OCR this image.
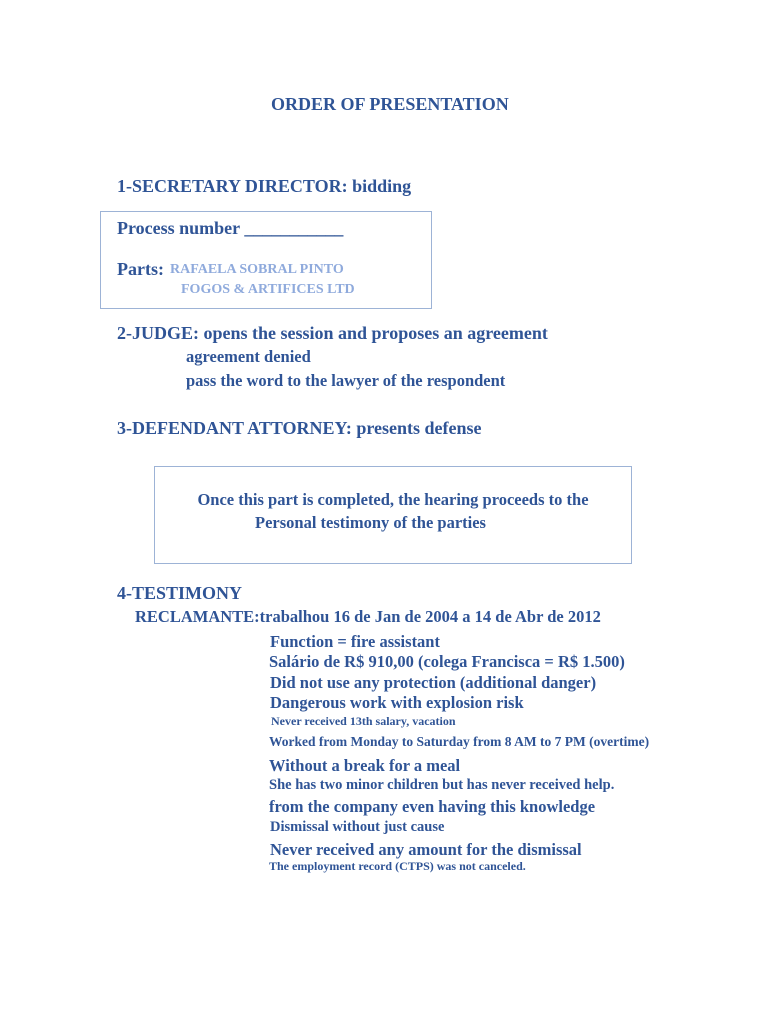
ORDER OF PRESENTATION
1-SECRETARY DIRECTOR: bidding
Process number ___________
Parts: RAFAELA SOBRAL PINTO
FOGOS & ARTIFICES LTD
2-JUDGE: opens the session and proposes an agreement
agreement denied
pass the word to the lawyer of the respondent
3-DEFENDANT ATTORNEY: presents defense
Once this part is completed, the hearing proceeds to the
Personal testimony of the parties
4-TESTIMONY
RECLAMANTE:trabalhou 16 de Jan de 2004 a 14 de Abr de 2012
Function = fire assistant
Salário de R$ 910,00 (colega Francisca = R$ 1.500)
Did not use any protection (additional danger)
Dangerous work with explosion risk
Never received 13th salary, vacation
Worked from Monday to Saturday from 8 AM to 7 PM (overtime)
Without a break for a meal
She has two minor children but has never received help.
from the company even having this knowledge
Dismissal without just cause
Never received any amount for the dismissal
The employment record (CTPS) was not canceled.
